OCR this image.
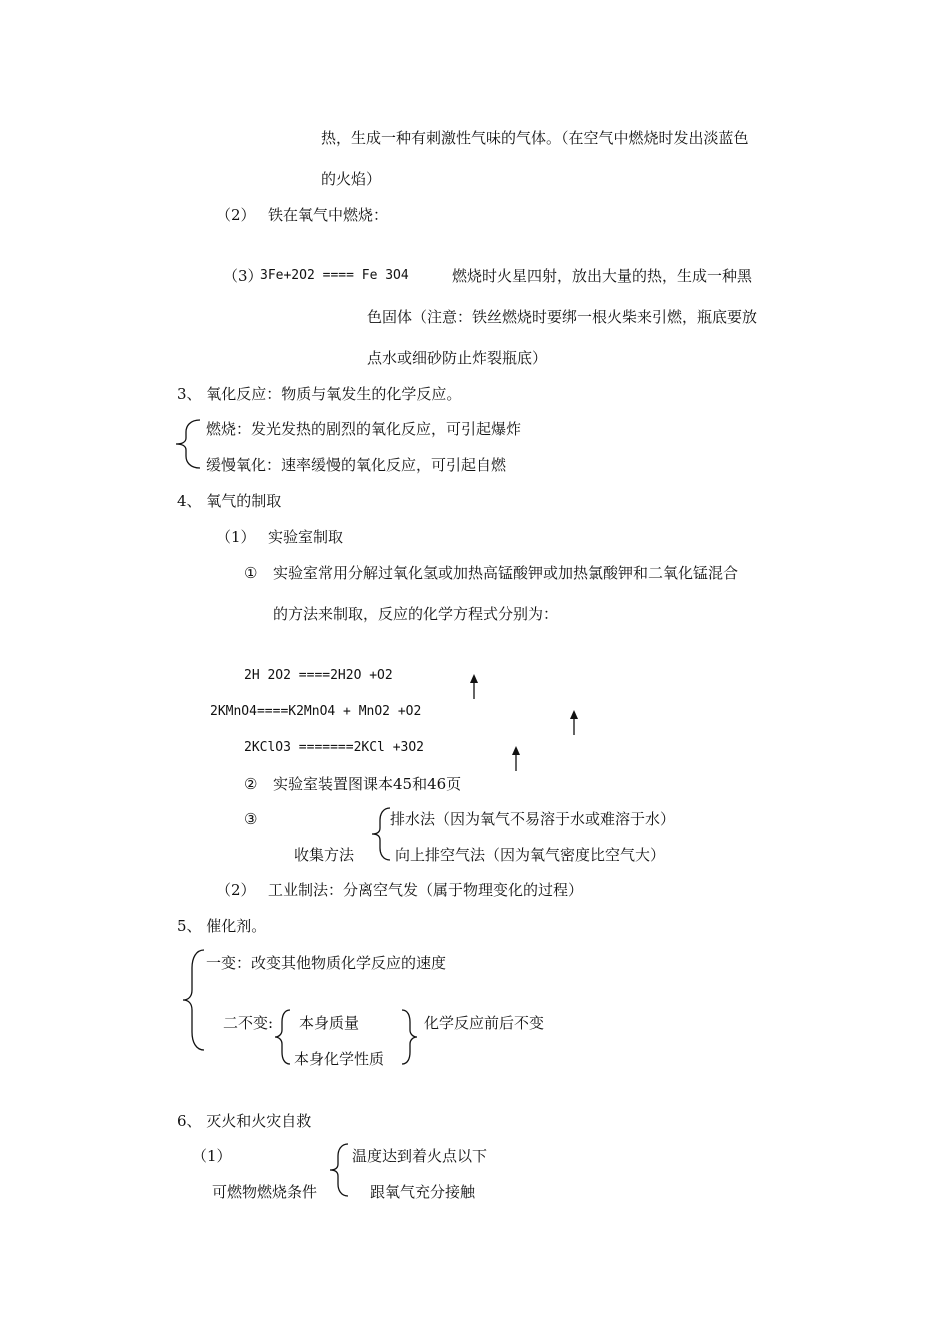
热，生成一种有刺激性气味的气体。（在空气中燃烧时发出淡蓝色
的火焰）
（2） 铁在氧气中燃烧：
（3）
3Fe+2O2 ==== Fe 3O4	燃烧时火星四射，放出大量的热，生成一种黑
色固体（注意：铁丝燃烧时要绑一根火柴来引燃，瓶底要放
点水或细砂防止炸裂瓶底）
3、 氧化反应：物质与氧发生的化学反应。
燃烧：发光发热的剧烈的氧化反应，可引起爆炸
缓慢氧化：速率缓慢的氧化反应，可引起自燃
4、 氧气的制取
（1） 实验室制取
① 实验室常用分解过氧化氢或加热高锰酸钾或加热氯酸钾和二氧化锰混合
的方法来制取，反应的化学方程式分别为：
2H 2O2 ====2H2O +O2
2KMnO4====K2MnO4 + MnO2 +O2
2KClO3 =======2KCl +3O2
② 实验室装置图课本45和46页
③
收集方法
排水法（因为氧气不易溶于水或难溶于水）
向上排空气法（因为氧气密度比空气大）
（2） 工业制法：分离空气发（属于物理变化的过程）
5、 催化剂。
一变：改变其他物质化学反应的速度
二不变: 本身质量
本身化学性质
化学反应前后不变
6、 灭火和火灾自救
（1）
可燃物燃烧条件
温度达到着火点以下
跟氧气充分接触
